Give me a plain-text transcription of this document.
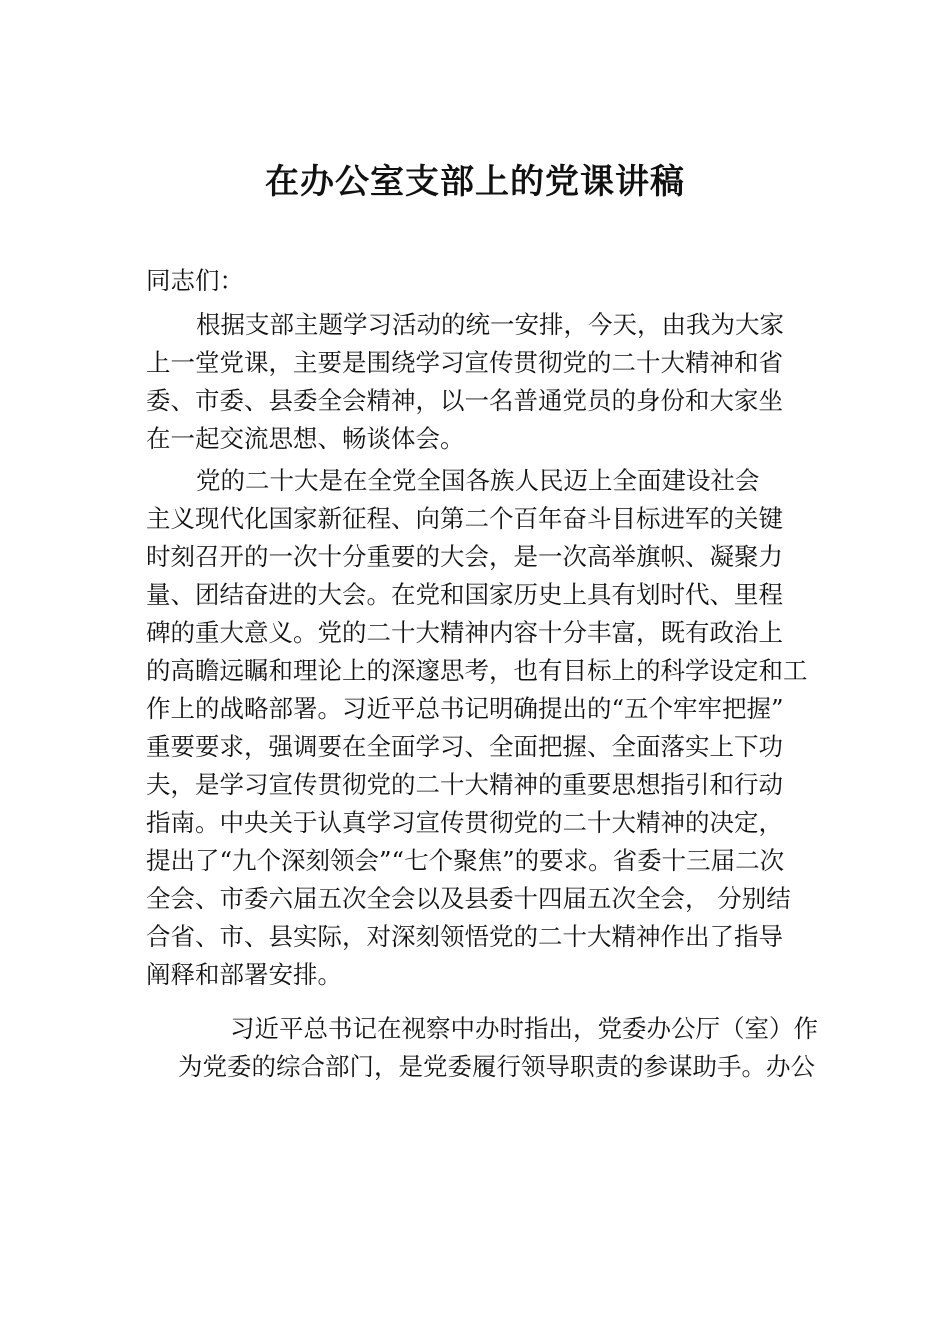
在办公室支部上的党课讲稿
同志们：
根据支部主题学习活动的统一安排，今天，由我为大家
上一堂党课，主要是围绕学习宣传贯彻党的二十大精神和省
委、市委、县委全会精神，以一名普通党员的身份和大家坐
在一起交流思想、畅谈体会。
党的二十大是在全党全国各族人民迈上全面建设社会
主义现代化国家新征程、向第二个百年奋斗目标进军的关键
时刻召开的一次十分重要的大会，是一次高举旗帜、凝聚力
量、团结奋进的大会。在党和国家历史上具有划时代、里程
碑的重大意义。党的二十大精神内容十分丰富，既有政治上
的高瞻远瞩和理论上的深邃思考，也有目标上的科学设定和工
作上的战略部署。习近平总书记明确提出的“五个牢牢把握”
重要要求，强调要在全面学习、全面把握、全面落实上下功
夫，是学习宣传贯彻党的二十大精神的重要思想指引和行动
指南。中央关于认真学习宣传贯彻党的二十大精神的决定，
提出了“九个深刻领会”“七个聚焦”的要求。省委十三届二次
全会、市委六届五次全会以及县委十四届五次全会， 分别结
合省、市、县实际，对深刻领悟党的二十大精神作出了指导
阐释和部署安排。
习近平总书记在视察中办时指出，党委办公厅（室）作
为党委的综合部门，是党委履行领导职责的参谋助手。办公
